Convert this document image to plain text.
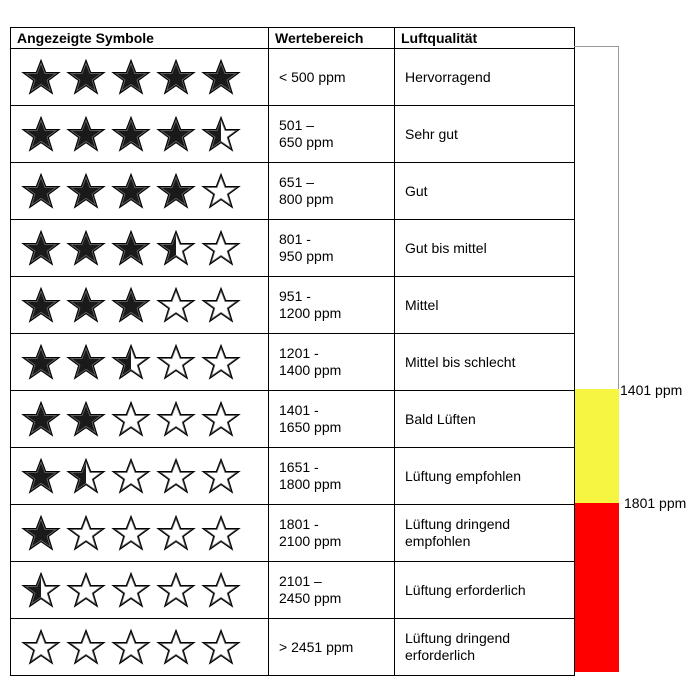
Angezeigte Symbole	Wertebereich	Luftqualität

	< 500 ppm	Hervorragend

	501 –
650 ppm	Sehr gut

	651 –
800 ppm	Gut

	801 -
950 ppm	Gut bis mittel

	951 -
1200 ppm	Mittel

	1201 -
1400 ppm	Mittel bis schlecht

	1401 -
1650 ppm	Bald Lüften

	1651 -
1800 ppm	Lüftung empfohlen

	1801 -
2100 ppm	Lüftung dringend empfohlen

	2101 –
2450 ppm	Lüftung erforderlich

	> 2451 ppm	Lüftung dringend erforderlich
1401 ppm
1801 ppm
